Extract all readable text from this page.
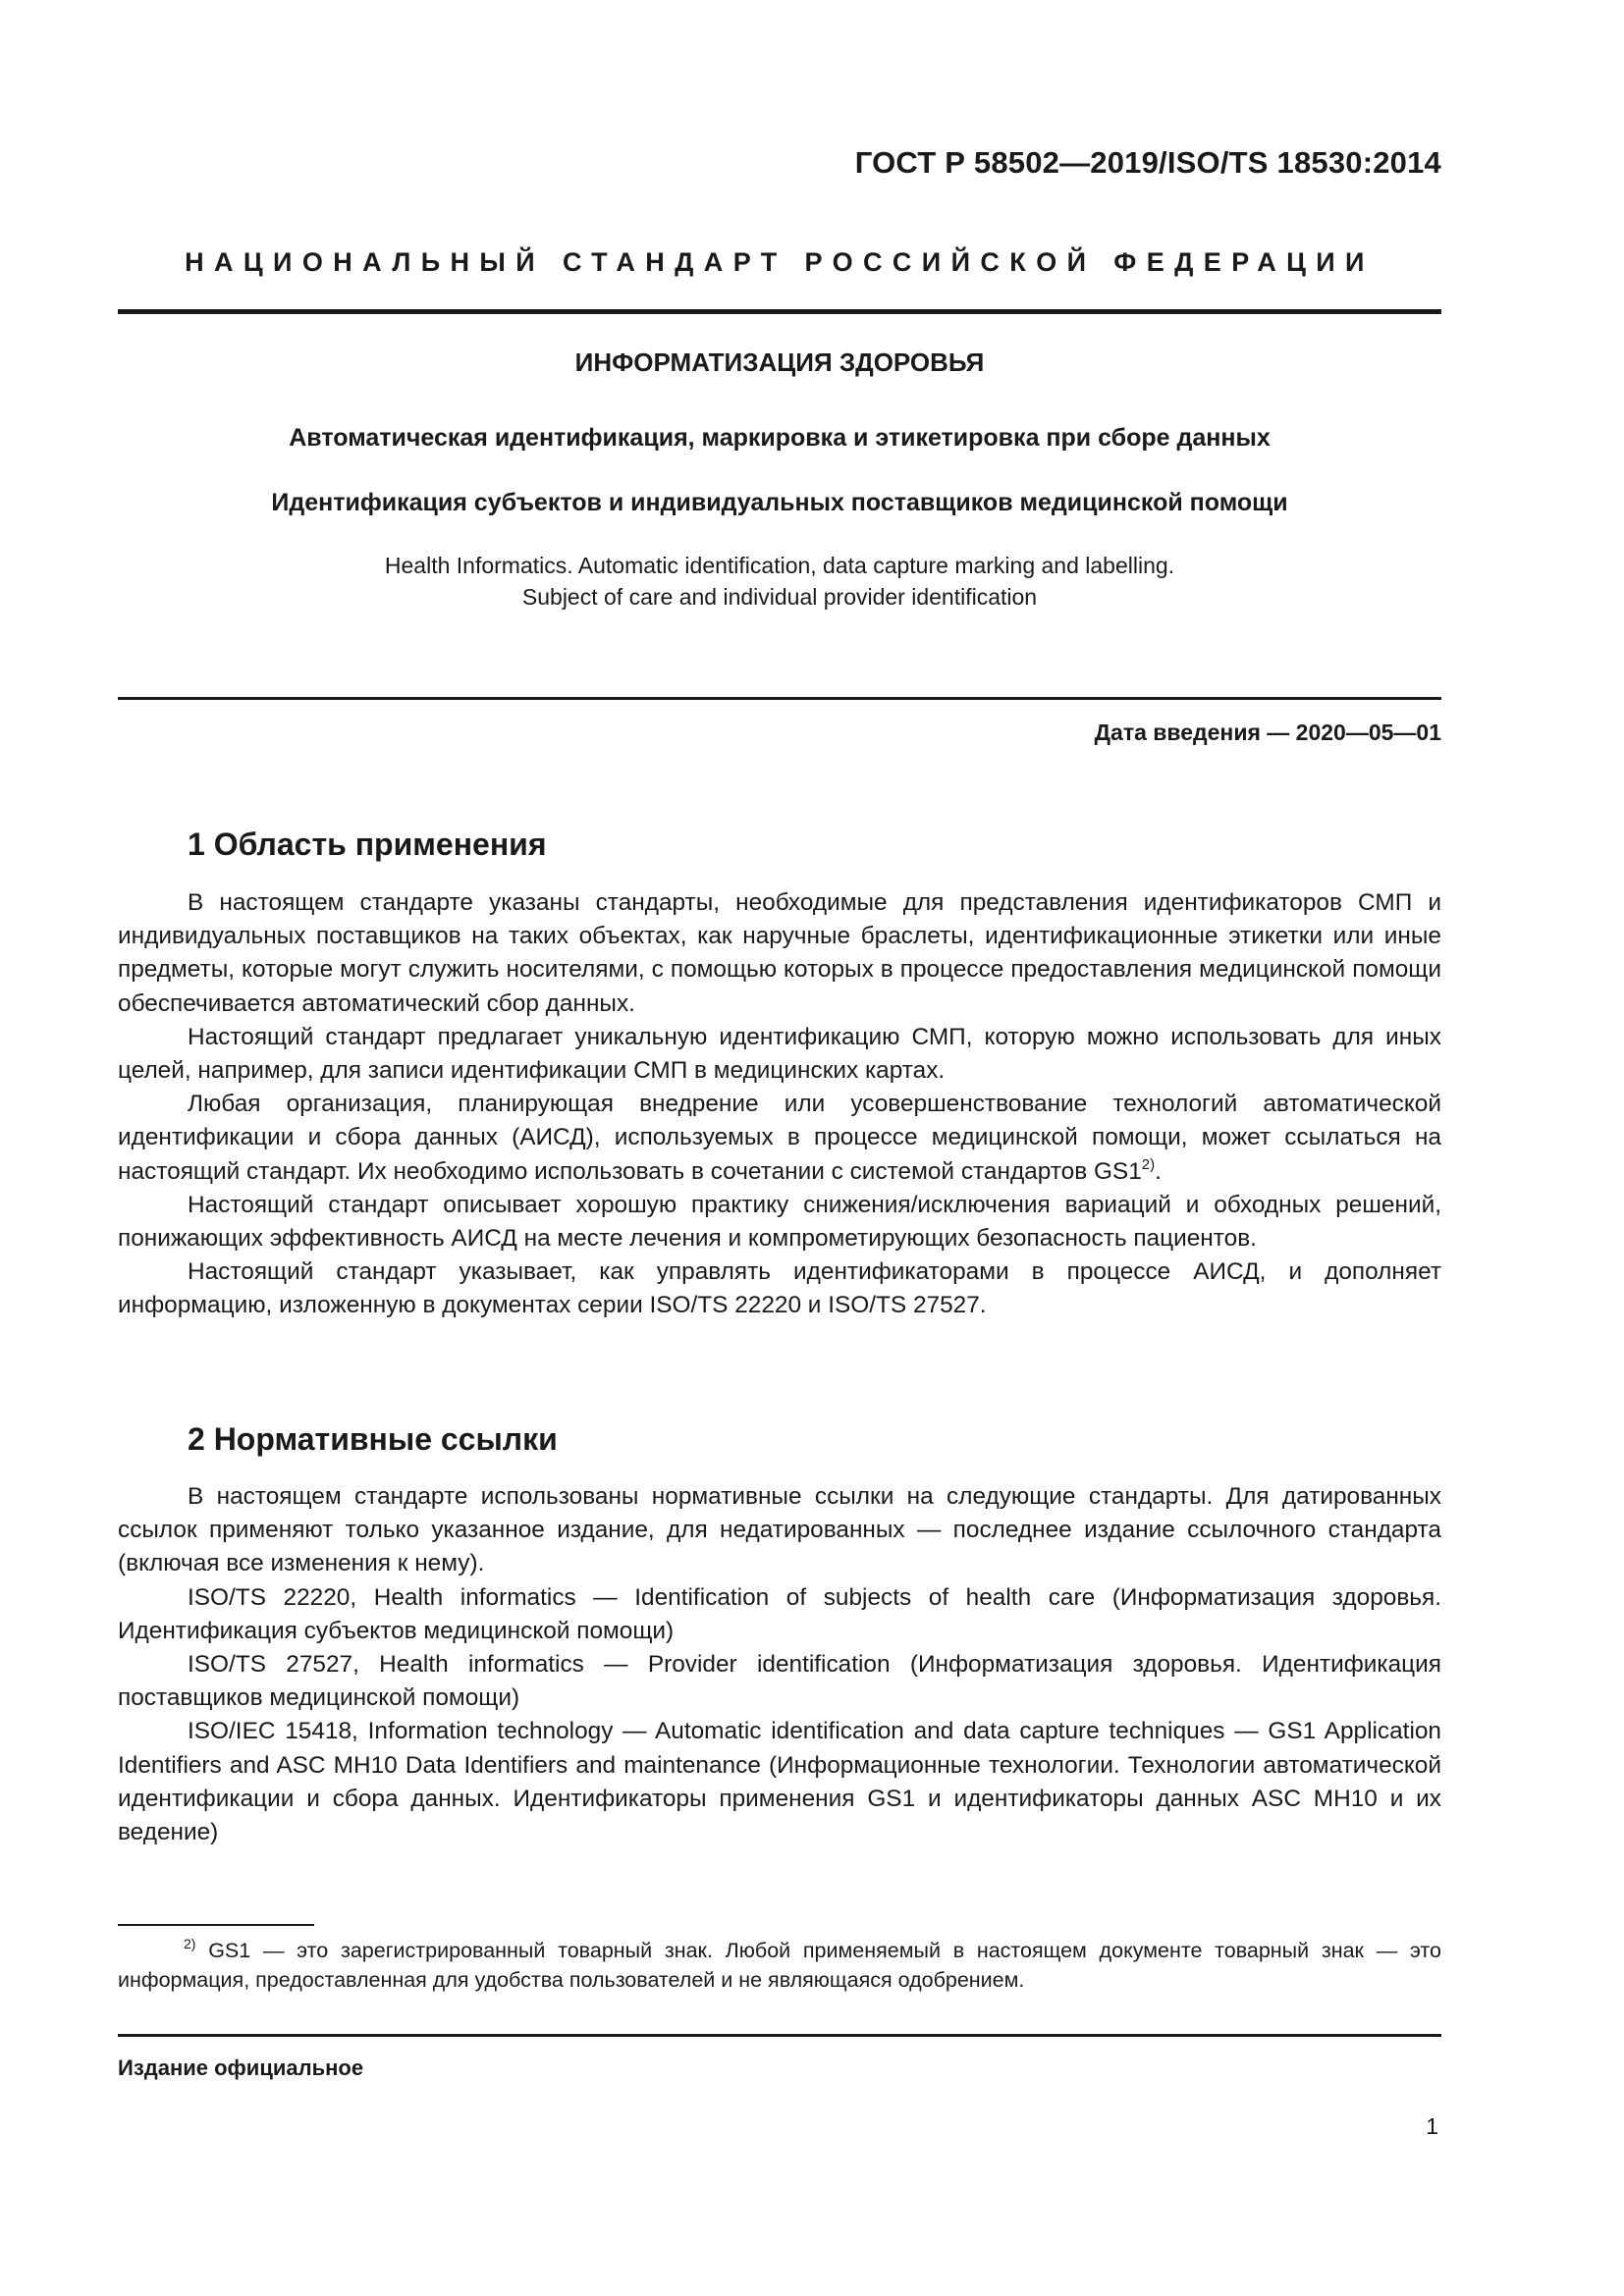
ГОСТ Р 58502—2019/ISO/TS 18530:2014
НАЦИОНАЛЬНЫЙ СТАНДАРТ РОССИЙСКОЙ ФЕДЕРАЦИИ
ИНФОРМАТИЗАЦИЯ ЗДОРОВЬЯ
Автоматическая идентификация, маркировка и этикетировка при сборе данных
Идентификация субъектов и индивидуальных поставщиков медицинской помощи
Health Informatics. Automatic identification, data capture marking and labelling.
Subject of care and individual provider identification
Дата введения — 2020—05—01
1 Область применения

В настоящем стандарте указаны стандарты, необходимые для представления идентификаторов СМП и индивидуальных поставщиков на таких объектах, как наручные браслеты, идентификационные этикетки или иные предметы, которые могут служить носителями, с помощью которых в процессе предоставления медицинской помощи обеспечивается автоматический сбор данных.

Настоящий стандарт предлагает уникальную идентификацию СМП, которую можно использовать для иных целей, например, для записи идентификации СМП в медицинских картах.

Любая организация, планирующая внедрение или усовершенствование технологий автоматической идентификации и сбора данных (АИСД), используемых в процессе медицинской помощи, может ссылаться на настоящий стандарт. Их необходимо использовать в сочетании с системой стандартов GS1$^{2)}$.

Настоящий стандарт описывает хорошую практику снижения/исключения вариаций и обходных решений, понижающих эффективность АИСД на месте лечения и компрометирующих безопасность пациентов.

Настоящий стандарт указывает, как управлять идентификаторами в процессе АИСД, и дополняет информацию, изложенную в документах серии ISO/TS 22220 и ISO/TS 27527.

2 Нормативные ссылки

В настоящем стандарте использованы нормативные ссылки на следующие стандарты. Для датированных ссылок применяют только указанное издание, для недатированных — последнее издание ссылочного стандарта (включая все изменения к нему).

ISO/TS 22220, Health informatics — Identification of subjects of health care (Информатизация здоровья. Идентификация субъектов медицинской помощи)

ISO/TS 27527, Health informatics — Provider identification (Информатизация здоровья. Идентификация поставщиков медицинской помощи)

ISO/IEC 15418, Information technology — Automatic identification and data capture techniques — GS1 Application Identifiers and ASC MH10 Data Identifiers and maintenance (Информационные технологии. Технологии автоматической идентификации и сбора данных. Идентификаторы применения GS1 и идентификаторы данных ASC MH10 и их ведение)

$^{2)}$ GS1 — это зарегистрированный товарный знак. Любой применяемый в настоящем документе товарный знак — это информация, предоставленная для удобства пользователей и не являющаяся одобрением.

Издание официальное
1
